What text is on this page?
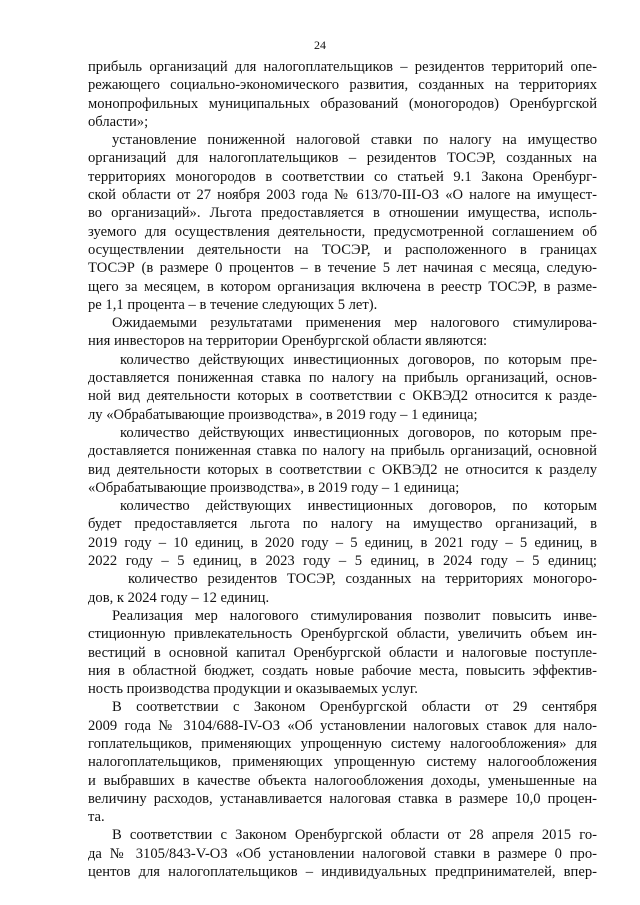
24
прибыль организаций для налогоплательщиков – резидентов территорий опе-
режающего социально-экономического развития, созданных на территориях
монопрофильных муниципальных образований (моногородов) Оренбургской
области»;
установление пониженной налоговой ставки по налогу на имущество
организаций для налогоплательщиков – резидентов ТОСЭР, созданных на
территориях моногородов в соответствии со статьей 9.1 Закона Оренбург-
ской области от 27 ноября 2003 года № 613/70-III-ОЗ «О налоге на имущест-
во организаций». Льгота предоставляется в отношении имущества, исполь-
зуемого для осуществления деятельности, предусмотренной соглашением об
осуществлении деятельности на ТОСЭР, и расположенного в границах
ТОСЭР (в размере 0 процентов – в течение 5 лет начиная с месяца, следую-
щего за месяцем, в котором организация включена в реестр ТОСЭР, в разме-
ре 1,1 процента – в течение следующих 5 лет).
Ожидаемыми результатами применения мер налогового стимулирова-
ния инвесторов на территории Оренбургской области являются:
количество действующих инвестиционных договоров, по которым пре-
доставляется пониженная ставка по налогу на прибыль организаций, основ-
ной вид деятельности которых в соответствии с ОКВЭД2 относится к разде-
лу «Обрабатывающие производства», в 2019 году – 1 единица;
количество действующих инвестиционных договоров, по которым пре-
доставляется пониженная ставка по налогу на прибыль организаций, основной
вид деятельности которых в соответствии с ОКВЭД2 не относится к разделу
«Обрабатывающие производства», в 2019 году – 1 единица;
количество действующих инвестиционных договоров, по которым
будет предоставляется льгота по налогу на имущество организаций, в
2019 году – 10 единиц, в 2020 году – 5 единиц, в 2021 году – 5 единиц, в
2022 году – 5 единиц, в 2023 году – 5 единиц, в 2024 году – 5 единиц;
количество резидентов ТОСЭР, созданных на территориях моногоро-
дов, к 2024 году – 12 единиц.
Реализация мер налогового стимулирования позволит повысить инве-
стиционную привлекательность Оренбургской области, увеличить объем ин-
вестиций в основной капитал Оренбургской области и налоговые поступле-
ния в областной бюджет, создать новые рабочие места, повысить эффектив-
ность производства продукции и оказываемых услуг.
В соответствии с Законом Оренбургской области от 29 сентября
2009 года № 3104/688-IV-ОЗ «Об установлении налоговых ставок для нало-
гоплательщиков, применяющих упрощенную систему налогообложения» для
налогоплательщиков, применяющих упрощенную систему налогообложения
и выбравших в качестве объекта налогообложения доходы, уменьшенные на
величину расходов, устанавливается налоговая ставка в размере 10,0 процен-
та.
В соответствии с Законом Оренбургской области от 28 апреля 2015 го-
да № 3105/843-V-ОЗ «Об установлении налоговой ставки в размере 0 про-
центов для налогоплательщиков – индивидуальных предпринимателей, впер-
